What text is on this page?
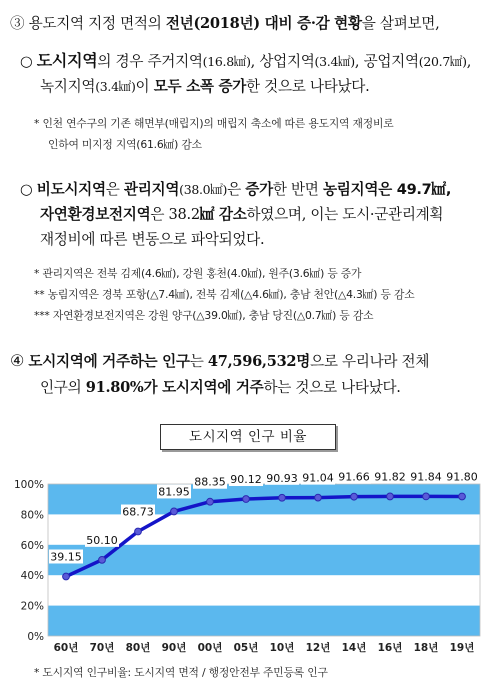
③ 용도지역 지정 면적의 전년(2018년) 대비 증·감 현황을 살펴보면,
○ 도시지역의 경우 주거지역(16.8㎢), 상업지역(3.4㎢), 공업지역(20.7㎢),
녹지지역(3.4㎢)이 모두 소폭 증가한 것으로 나타났다.
* 인천 연수구의 기존 해면부(매립지)의 매립지 축소에 따른 용도지역 재정비로
인하여 미지정 지역(61.6㎢) 감소
○ 비도시지역은 관리지역(38.0㎢)은 증가한 반면 농림지역은 49.7㎢,
자연환경보전지역은 38.2㎢ 감소하였으며, 이는 도시·군관리계획
재정비에 따른 변동으로 파악되었다.
* 관리지역은 전북 김제(4.6㎢), 강원 홍천(4.0㎢), 원주(3.6㎢) 등 증가
** 농림지역은 경북 포항(△7.4㎢), 전북 김제(△4.6㎢), 충남 천안(△4.3㎢) 등 감소
*** 자연환경보전지역은 강원 양구(△39.0㎢), 충남 당진(△0.7㎢) 등 감소
④ 도시지역에 거주하는 인구는 47,596,532명으로 우리나라 전체
인구의 91.80%가 도시지역에 거주하는 것으로 나타났다.
도시지역 인구 비율
0%
20%
40%
60%
80%
100%
60년 70년 80년 90년 00년 05년 10년 12년 14년 16년 18년 19년
39.15
50.10
68.73
81.95
88.35 90.12 90.93 91.04 91.66 91.82 91.84 91.80
* 도시지역 인구비율: 도시지역 면적 / 행정안전부 주민등록 인구
